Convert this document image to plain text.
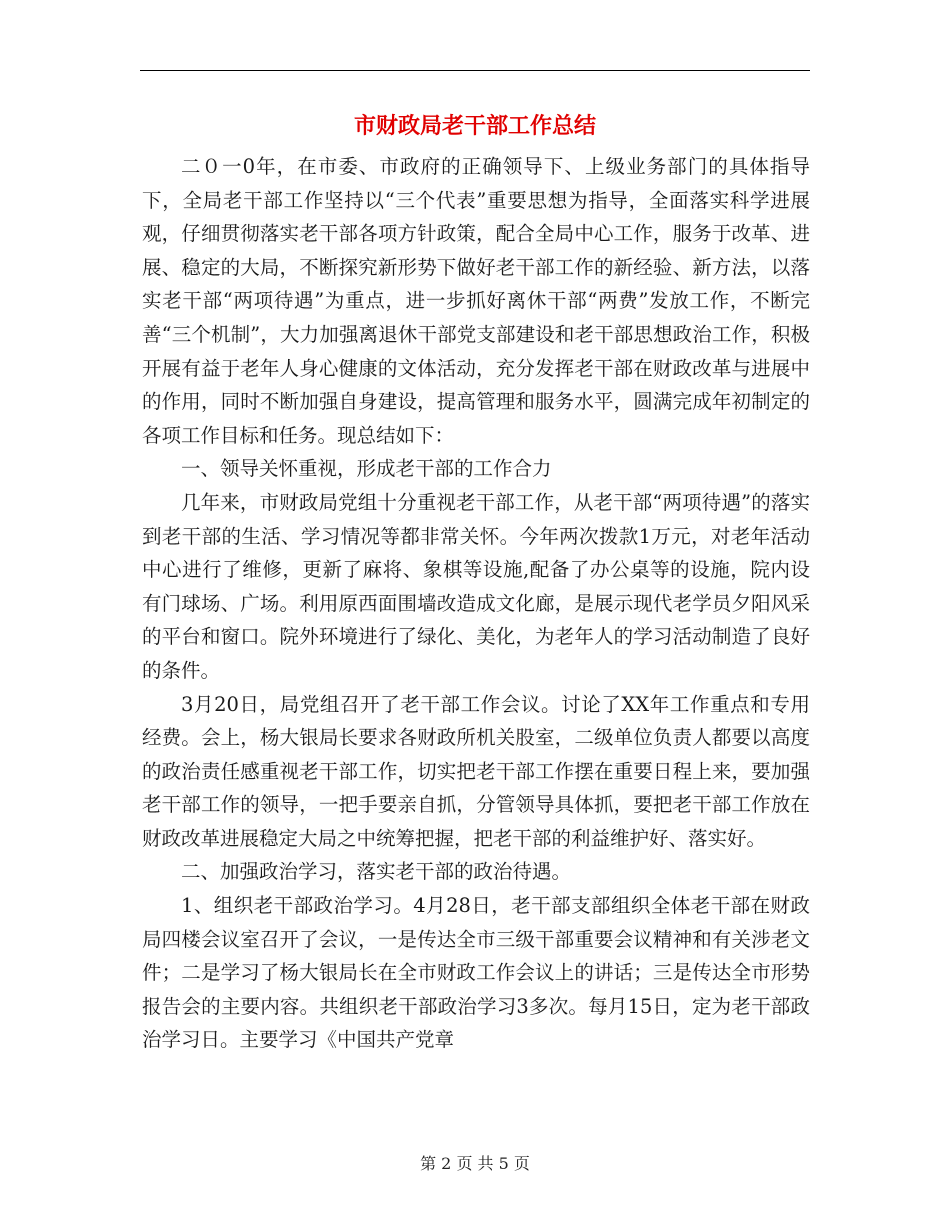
市财政局老干部工作总结

二０一0年，在市委、市政府的正确领导下、上级业务部门的具体指导下，全局老干部工作坚持以“三个代表”重要思想为指导，全面落实科学进展观，仔细贯彻落实老干部各项方针政策，配合全局中心工作，服务于改革、进展、稳定的大局，不断探究新形势下做好老干部工作的新经验、新方法，以落实老干部“两项待遇”为重点，进一步抓好离休干部“两费”发放工作，不断完善“三个机制”，大力加强离退休干部党支部建设和老干部思想政治工作，积极开展有益于老年人身心健康的文体活动，充分发挥老干部在财政改革与进展中的作用，同时不断加强自身建设，提高管理和服务水平，圆满完成年初制定的各项工作目标和任务。现总结如下：

一、领导关怀重视，形成老干部的工作合力

几年来，市财政局党组十分重视老干部工作，从老干部“两项待遇”的落实到老干部的生活、学习情况等都非常关怀。今年两次拨款1万元，对老年活动中心进行了维修，更新了麻将、象棋等设施,配备了办公桌等的设施，院内设有门球场、广场。利用原西面围墙改造成文化廊，是展示现代老学员夕阳风采的平台和窗口。院外环境进行了绿化、美化，为老年人的学习活动制造了良好的条件。

3月20日，局党组召开了老干部工作会议。讨论了XX年工作重点和专用经费。会上，杨大银局长要求各财政所机关股室，二级单位负责人都要以高度的政治责任感重视老干部工作，切实把老干部工作摆在重要日程上来，要加强老干部工作的领导，一把手要亲自抓，分管领导具体抓，要把老干部工作放在财政改革进展稳定大局之中统筹把握，把老干部的利益维护好、落实好。

二、加强政治学习，落实老干部的政治待遇。

1、组织老干部政治学习。4月28日，老干部支部组织全体老干部在财政局四楼会议室召开了会议，一是传达全市三级干部重要会议精神和有关涉老文件；二是学习了杨大银局长在全市财政工作会议上的讲话；三是传达全市形势报告会的主要内容。共组织老干部政治学习3多次。每月15日，定为老干部政治学习日。主要学习《中国共产党章

第 2 页 共 5 页
